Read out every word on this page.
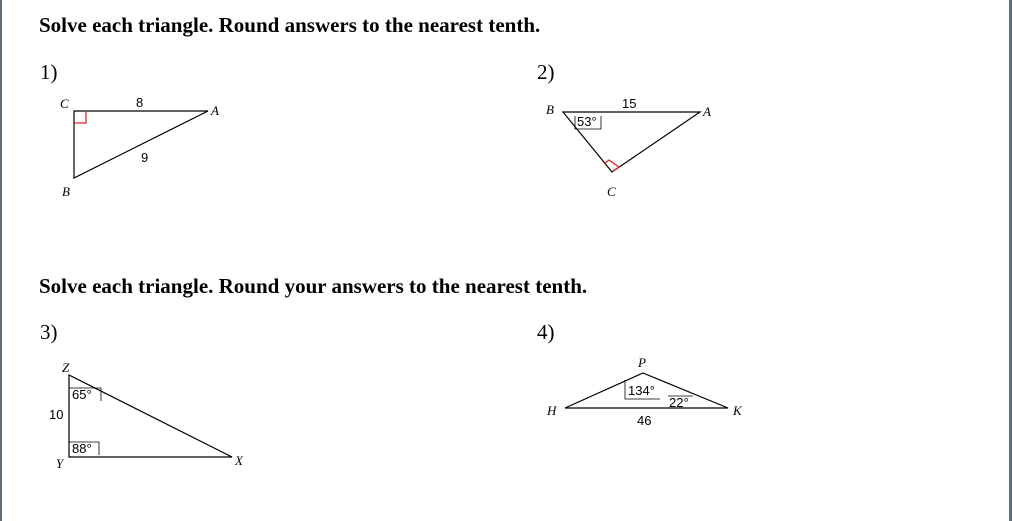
Solve each triangle. Round answers to the nearest tenth.
1)	2)
Solve each triangle. Round your answers to the nearest tenth.
3)	4)
C	A
B
8
9
B	A
C
15
53°
Z
Y	X
10
65°
88°
P
H	K
134°
22°
46
